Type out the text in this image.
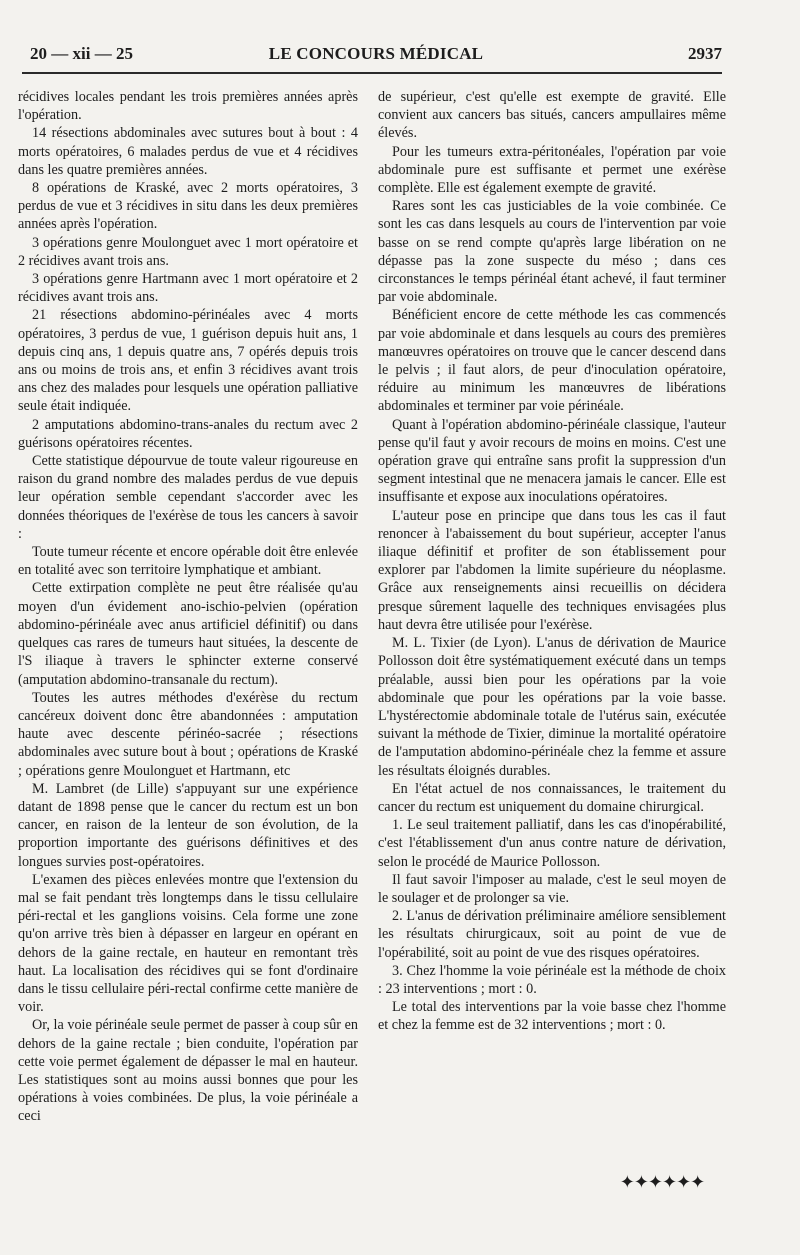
20 — xii — 25	LE CONCOURS MÉDICAL	2937

récidives locales pendant les trois premières années après l'opération.

14 résections abdominales avec sutures bout à bout : 4 morts opératoires, 6 malades perdus de vue et 4 récidives dans les quatre premières années.

8 opérations de Kraské, avec 2 morts opératoires, 3 perdus de vue et 3 récidives in situ dans les deux premières années après l'opération.

3 opérations genre Moulonguet avec 1 mort opératoire et 2 récidives avant trois ans.

3 opérations genre Hartmann avec 1 mort opératoire et 2 récidives avant trois ans.

21 résections abdomino-périnéales avec 4 morts opératoires, 3 perdus de vue, 1 guérison depuis huit ans, 1 depuis cinq ans, 1 depuis quatre ans, 7 opérés depuis trois ans ou moins de trois ans, et enfin 3 récidives avant trois ans chez des malades pour lesquels une opération palliative seule était indiquée.

2 amputations abdomino-trans-anales du rectum avec 2 guérisons opératoires récentes.

Cette statistique dépourvue de toute valeur rigoureuse en raison du grand nombre des malades perdus de vue depuis leur opération semble cependant s'accorder avec les données théoriques de l'exérèse de tous les cancers à savoir :

Toute tumeur récente et encore opérable doit être enlevée en totalité avec son territoire lymphatique et ambiant.

Cette extirpation complète ne peut être réalisée qu'au moyen d'un évidement ano-ischio-pelvien (opération abdomino-périnéale avec anus artificiel définitif) ou dans quelques cas rares de tumeurs haut situées, la descente de l'S iliaque à travers le sphincter externe conservé (amputation abdomino-transanale du rectum).

Toutes les autres méthodes d'exérèse du rectum cancéreux doivent donc être abandonnées : amputation haute avec descente périnéo-sacrée ; résections abdominales avec suture bout à bout ; opérations de Kraské ; opérations genre Moulonguet et Hartmann, etc

M. Lambret (de Lille) s'appuyant sur une expérience datant de 1898 pense que le cancer du rectum est un bon cancer, en raison de la lenteur de son évolution, de la proportion importante des guérisons définitives et des longues survies post-opératoires.

L'examen des pièces enlevées montre que l'extension du mal se fait pendant très longtemps dans le tissu cellulaire péri-rectal et les ganglions voisins. Cela forme une zone qu'on arrive très bien à dépasser en largeur en opérant en dehors de la gaine rectale, en hauteur en remontant très haut. La localisation des récidives qui se font d'ordinaire dans le tissu cellulaire péri-rectal confirme cette manière de voir.

Or, la voie périnéale seule permet de passer à coup sûr en dehors de la gaine rectale ; bien conduite, l'opération par cette voie permet également de dépasser le mal en hauteur. Les statistiques sont au moins aussi bonnes que pour les opérations à voies combinées. De plus, la voie périnéale a ceci

de supérieur, c'est qu'elle est exempte de gravité. Elle convient aux cancers bas situés, cancers ampullaires même élevés.

Pour les tumeurs extra-péritonéales, l'opération par voie abdominale pure est suffisante et permet une exérèse complète. Elle est également exempte de gravité.

Rares sont les cas justiciables de la voie combinée. Ce sont les cas dans lesquels au cours de l'intervention par voie basse on se rend compte qu'après large libération on ne dépasse pas la zone suspecte du méso ; dans ces circonstances le temps périnéal étant achevé, il faut terminer par voie abdominale.

Bénéficient encore de cette méthode les cas commencés par voie abdominale et dans lesquels au cours des premières manœuvres opératoires on trouve que le cancer descend dans le pelvis ; il faut alors, de peur d'inoculation opératoire, réduire au minimum les manœuvres de libérations abdominales et terminer par voie périnéale.

Quant à l'opération abdomino-périnéale classique, l'auteur pense qu'il faut y avoir recours de moins en moins. C'est une opération grave qui entraîne sans profit la suppression d'un segment intestinal que ne menacera jamais le cancer. Elle est insuffisante et expose aux inoculations opératoires.

L'auteur pose en principe que dans tous les cas il faut renoncer à l'abaissement du bout supérieur, accepter l'anus iliaque définitif et profiter de son établissement pour explorer par l'abdomen la limite supérieure du néoplasme. Grâce aux renseignements ainsi recueillis on décidera presque sûrement laquelle des techniques envisagées plus haut devra être utilisée pour l'exérèse.

M. L. Tixier (de Lyon). L'anus de dérivation de Maurice Pollosson doit être systématiquement exécuté dans un temps préalable, aussi bien pour les opérations par la voie abdominale que pour les opérations par la voie basse. L'hystérectomie abdominale totale de l'utérus sain, exécutée suivant la méthode de Tixier, diminue la mortalité opératoire de l'amputation abdomino-périnéale chez la femme et assure les résultats éloignés durables.

En l'état actuel de nos connaissances, le traitement du cancer du rectum est uniquement du domaine chirurgical.

1. Le seul traitement palliatif, dans les cas d'inopérabilité, c'est l'établissement d'un anus contre nature de dérivation, selon le procédé de Maurice Pollosson.

Il faut savoir l'imposer au malade, c'est le seul moyen de le soulager et de prolonger sa vie.

2. L'anus de dérivation préliminaire améliore sensiblement les résultats chirurgicaux, soit au point de vue de l'opérabilité, soit au point de vue des risques opératoires.

3. Chez l'homme la voie périnéale est la méthode de choix : 23 interventions ; mort : 0.

Le total des interventions par la voie basse chez l'homme et chez la femme est de 32 interventions ; mort : 0.

✦✦✦✦✦✦
